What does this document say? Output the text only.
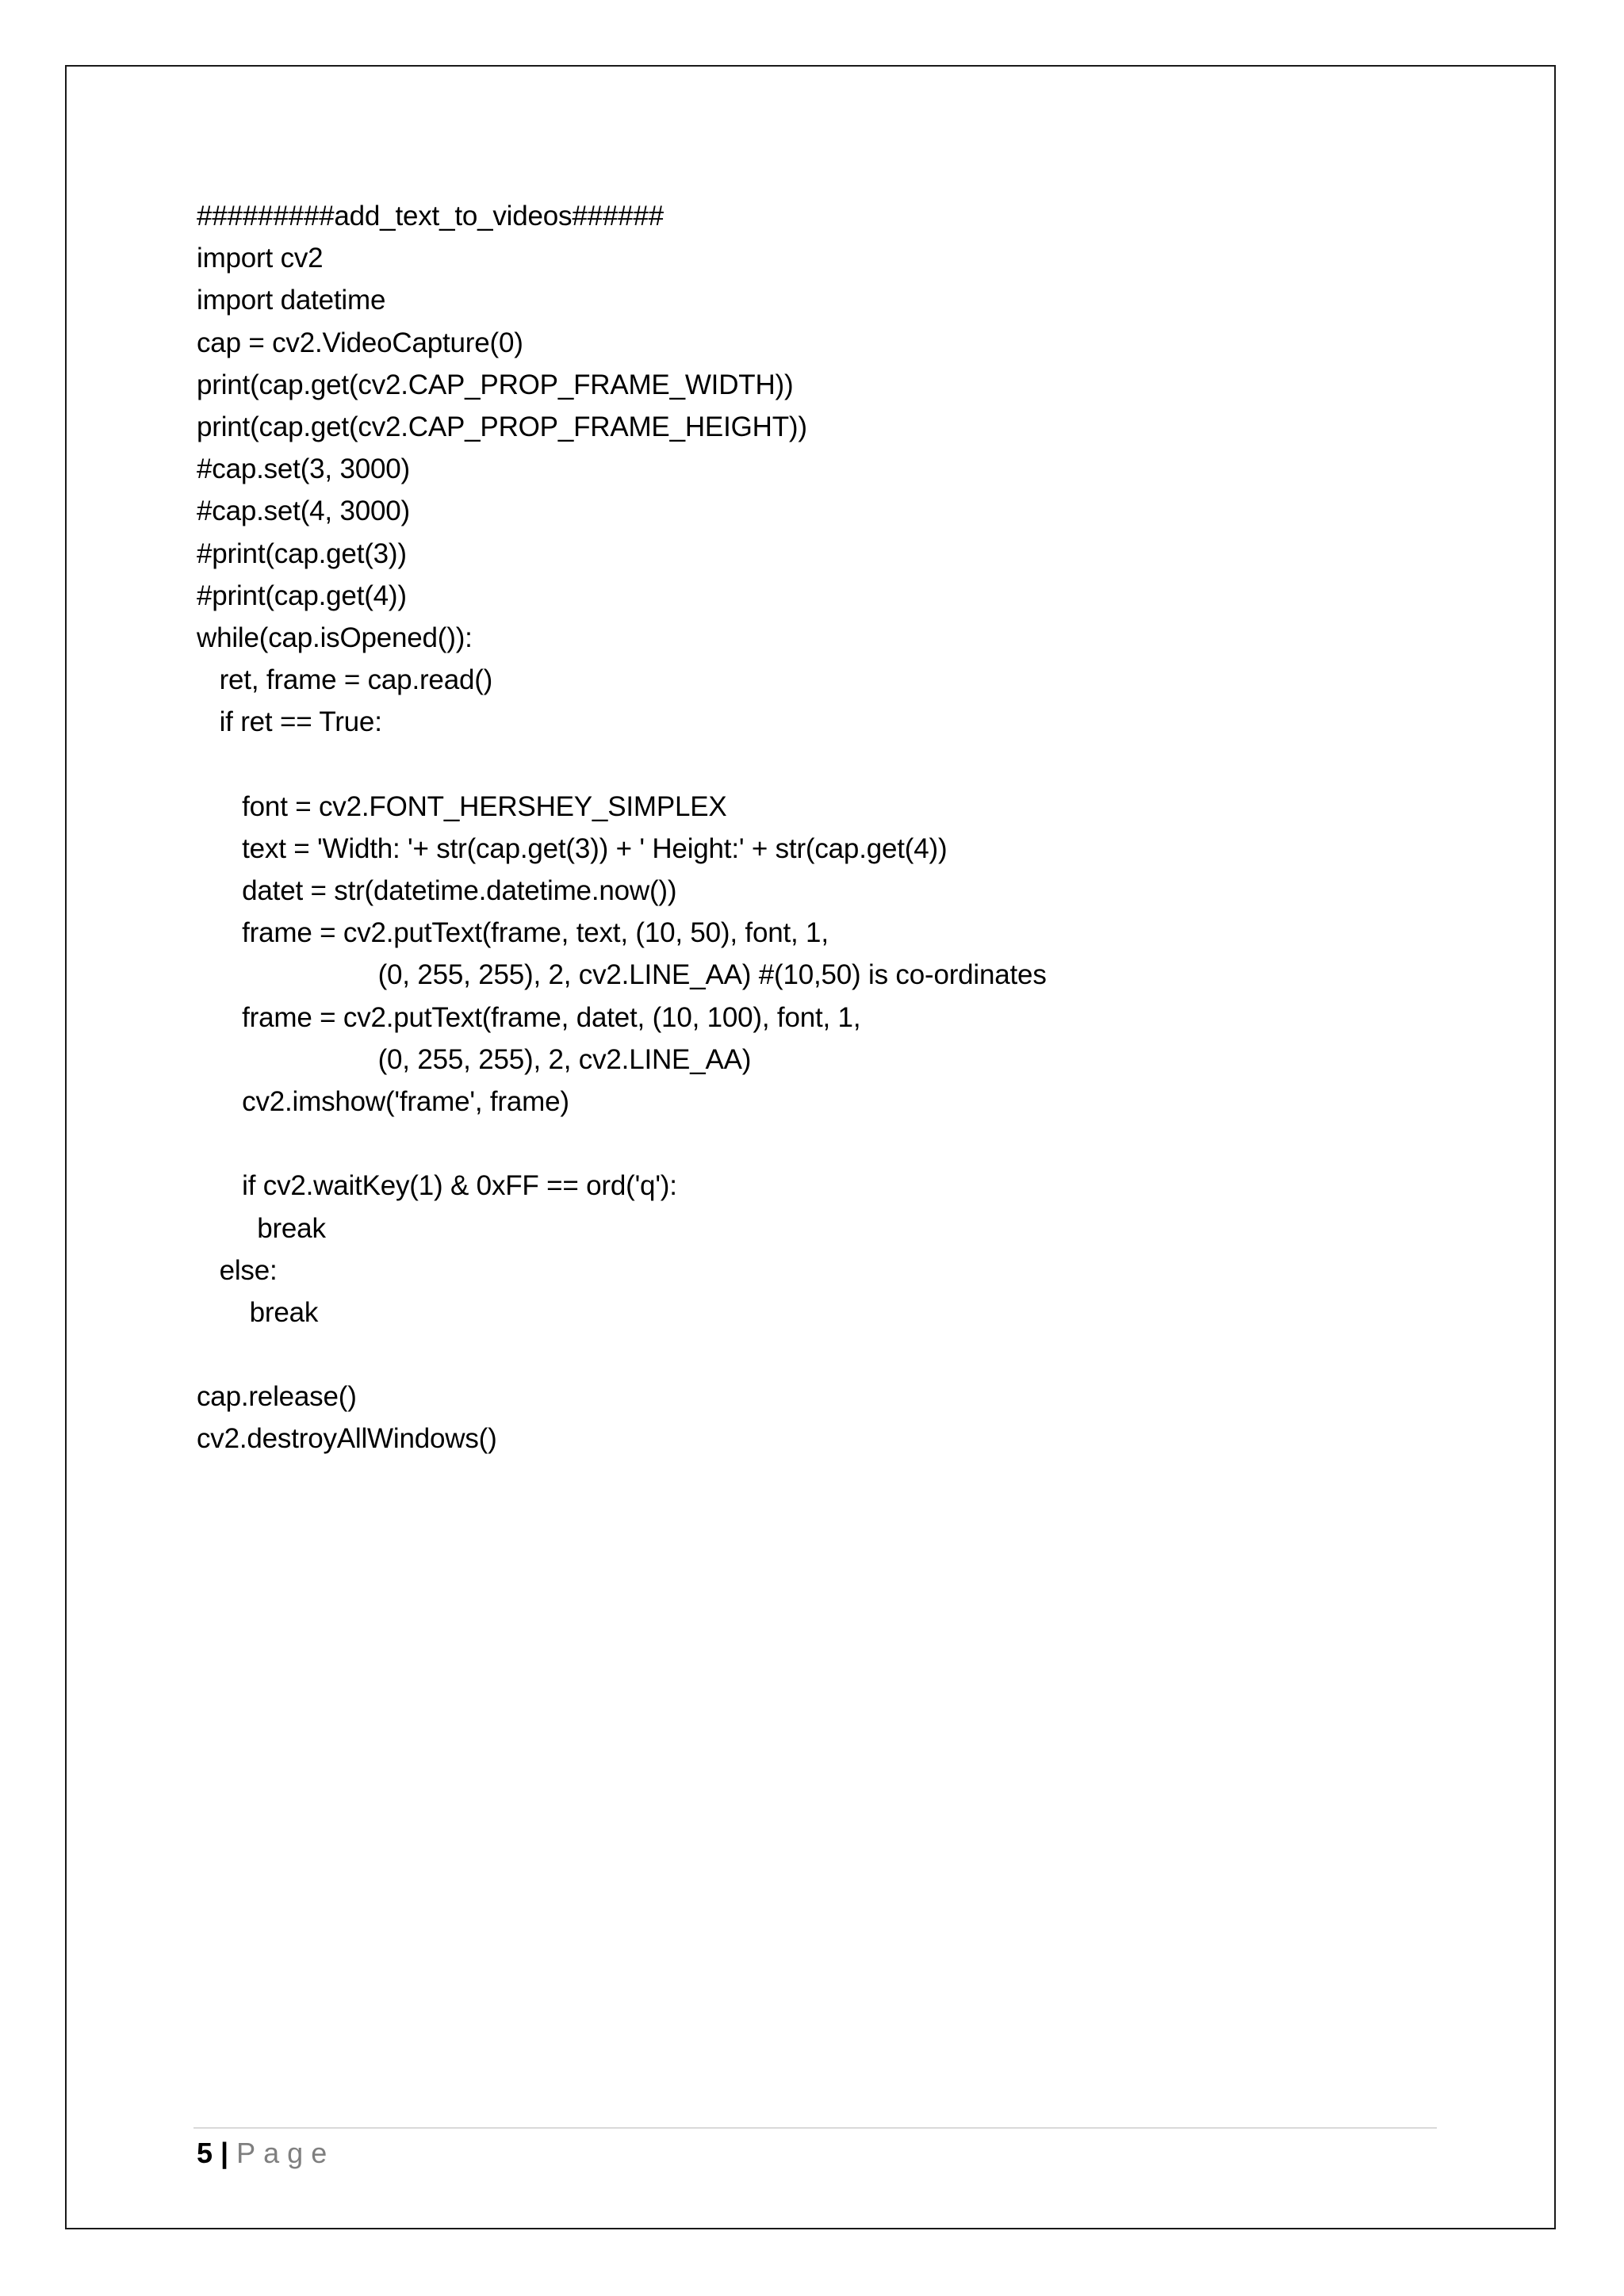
#########add_text_to_videos######
import cv2
import datetime
cap = cv2.VideoCapture(0)
print(cap.get(cv2.CAP_PROP_FRAME_WIDTH))
print(cap.get(cv2.CAP_PROP_FRAME_HEIGHT))
#cap.set(3, 3000)
#cap.set(4, 3000)
#print(cap.get(3))
#print(cap.get(4))
while(cap.isOpened()):
ret, frame = cap.read()
if ret == True:
font = cv2.FONT_HERSHEY_SIMPLEX
text = 'Width: '+ str(cap.get(3)) + ' Height:' + str(cap.get(4))
datet = str(datetime.datetime.now())
frame = cv2.putText(frame, text, (10, 50), font, 1,
(0, 255, 255), 2, cv2.LINE_AA) #(10,50) is co-ordinates
frame = cv2.putText(frame, datet, (10, 100), font, 1,
(0, 255, 255), 2, cv2.LINE_AA)
cv2.imshow('frame', frame)
if cv2.waitKey(1) & 0xFF == ord('q'):
break
else:
break
cap.release()
cv2.destroyAllWindows()
5 | Page
